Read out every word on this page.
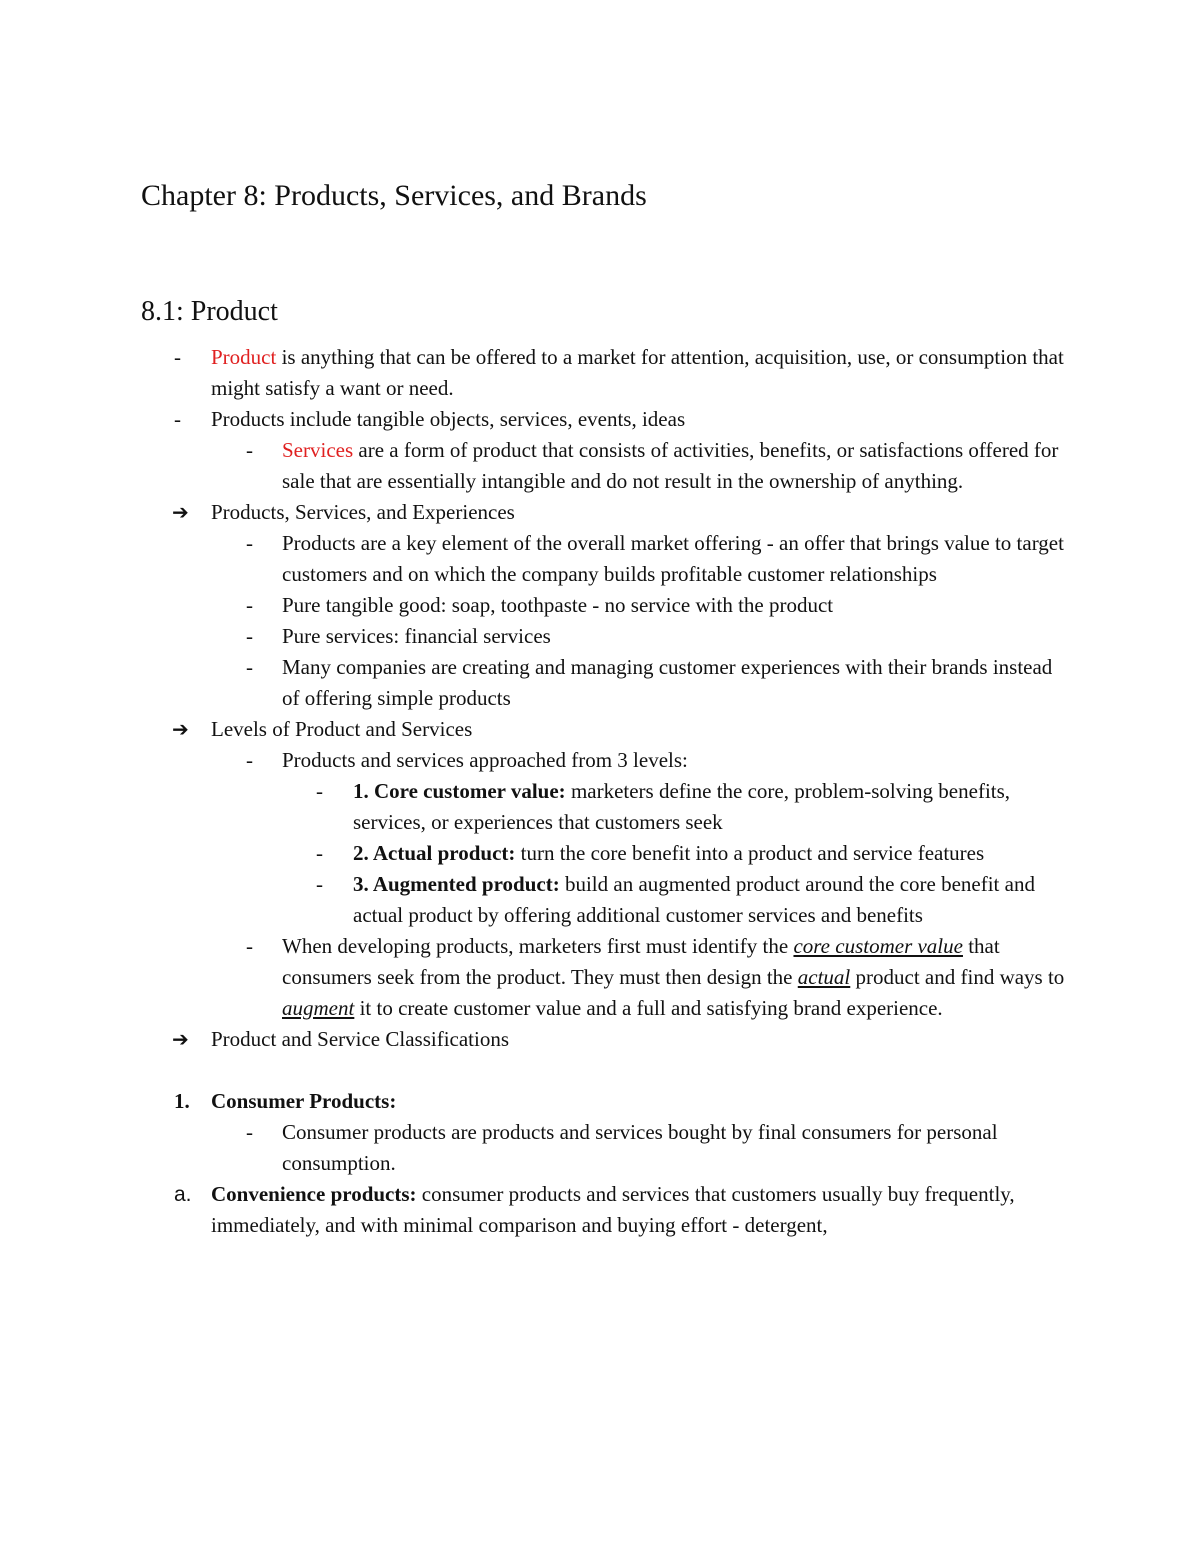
Chapter 8: Products, Services, and Brands
8.1: Product
- Product is anything that can be offered to a market for attention, acquisition, use, or consumption that might satisfy a want or need.
- Products include tangible objects, services, events, ideas
- Services are a form of product that consists of activities, benefits, or satisfactions offered for sale that are essentially intangible and do not result in the ownership of anything.
➔ Products, Services, and Experiences
- Products are a key element of the overall market offering - an offer that brings value to target customers and on which the company builds profitable customer relationships
- Pure tangible good: soap, toothpaste - no service with the product
- Pure services: financial services
- Many companies are creating and managing customer experiences with their brands instead of offering simple products
➔ Levels of Product and Services
- Products and services approached from 3 levels:
- 1. Core customer value: marketers define the core, problem-solving benefits, services, or experiences that customers seek
- 2. Actual product: turn the core benefit into a product and service features
- 3. Augmented product: build an augmented product around the core benefit and actual product by offering additional customer services and benefits
- When developing products, marketers first must identify the core customer value that consumers seek from the product. They must then design the actual product and find ways to augment it to create customer value and a full and satisfying brand experience.
➔ Product and Service Classifications
1. Consumer Products:
- Consumer products are products and services bought by final consumers for personal consumption.
a. Convenience products: consumer products and services that customers usually buy frequently, immediately, and with minimal comparison and buying effort - detergent,
